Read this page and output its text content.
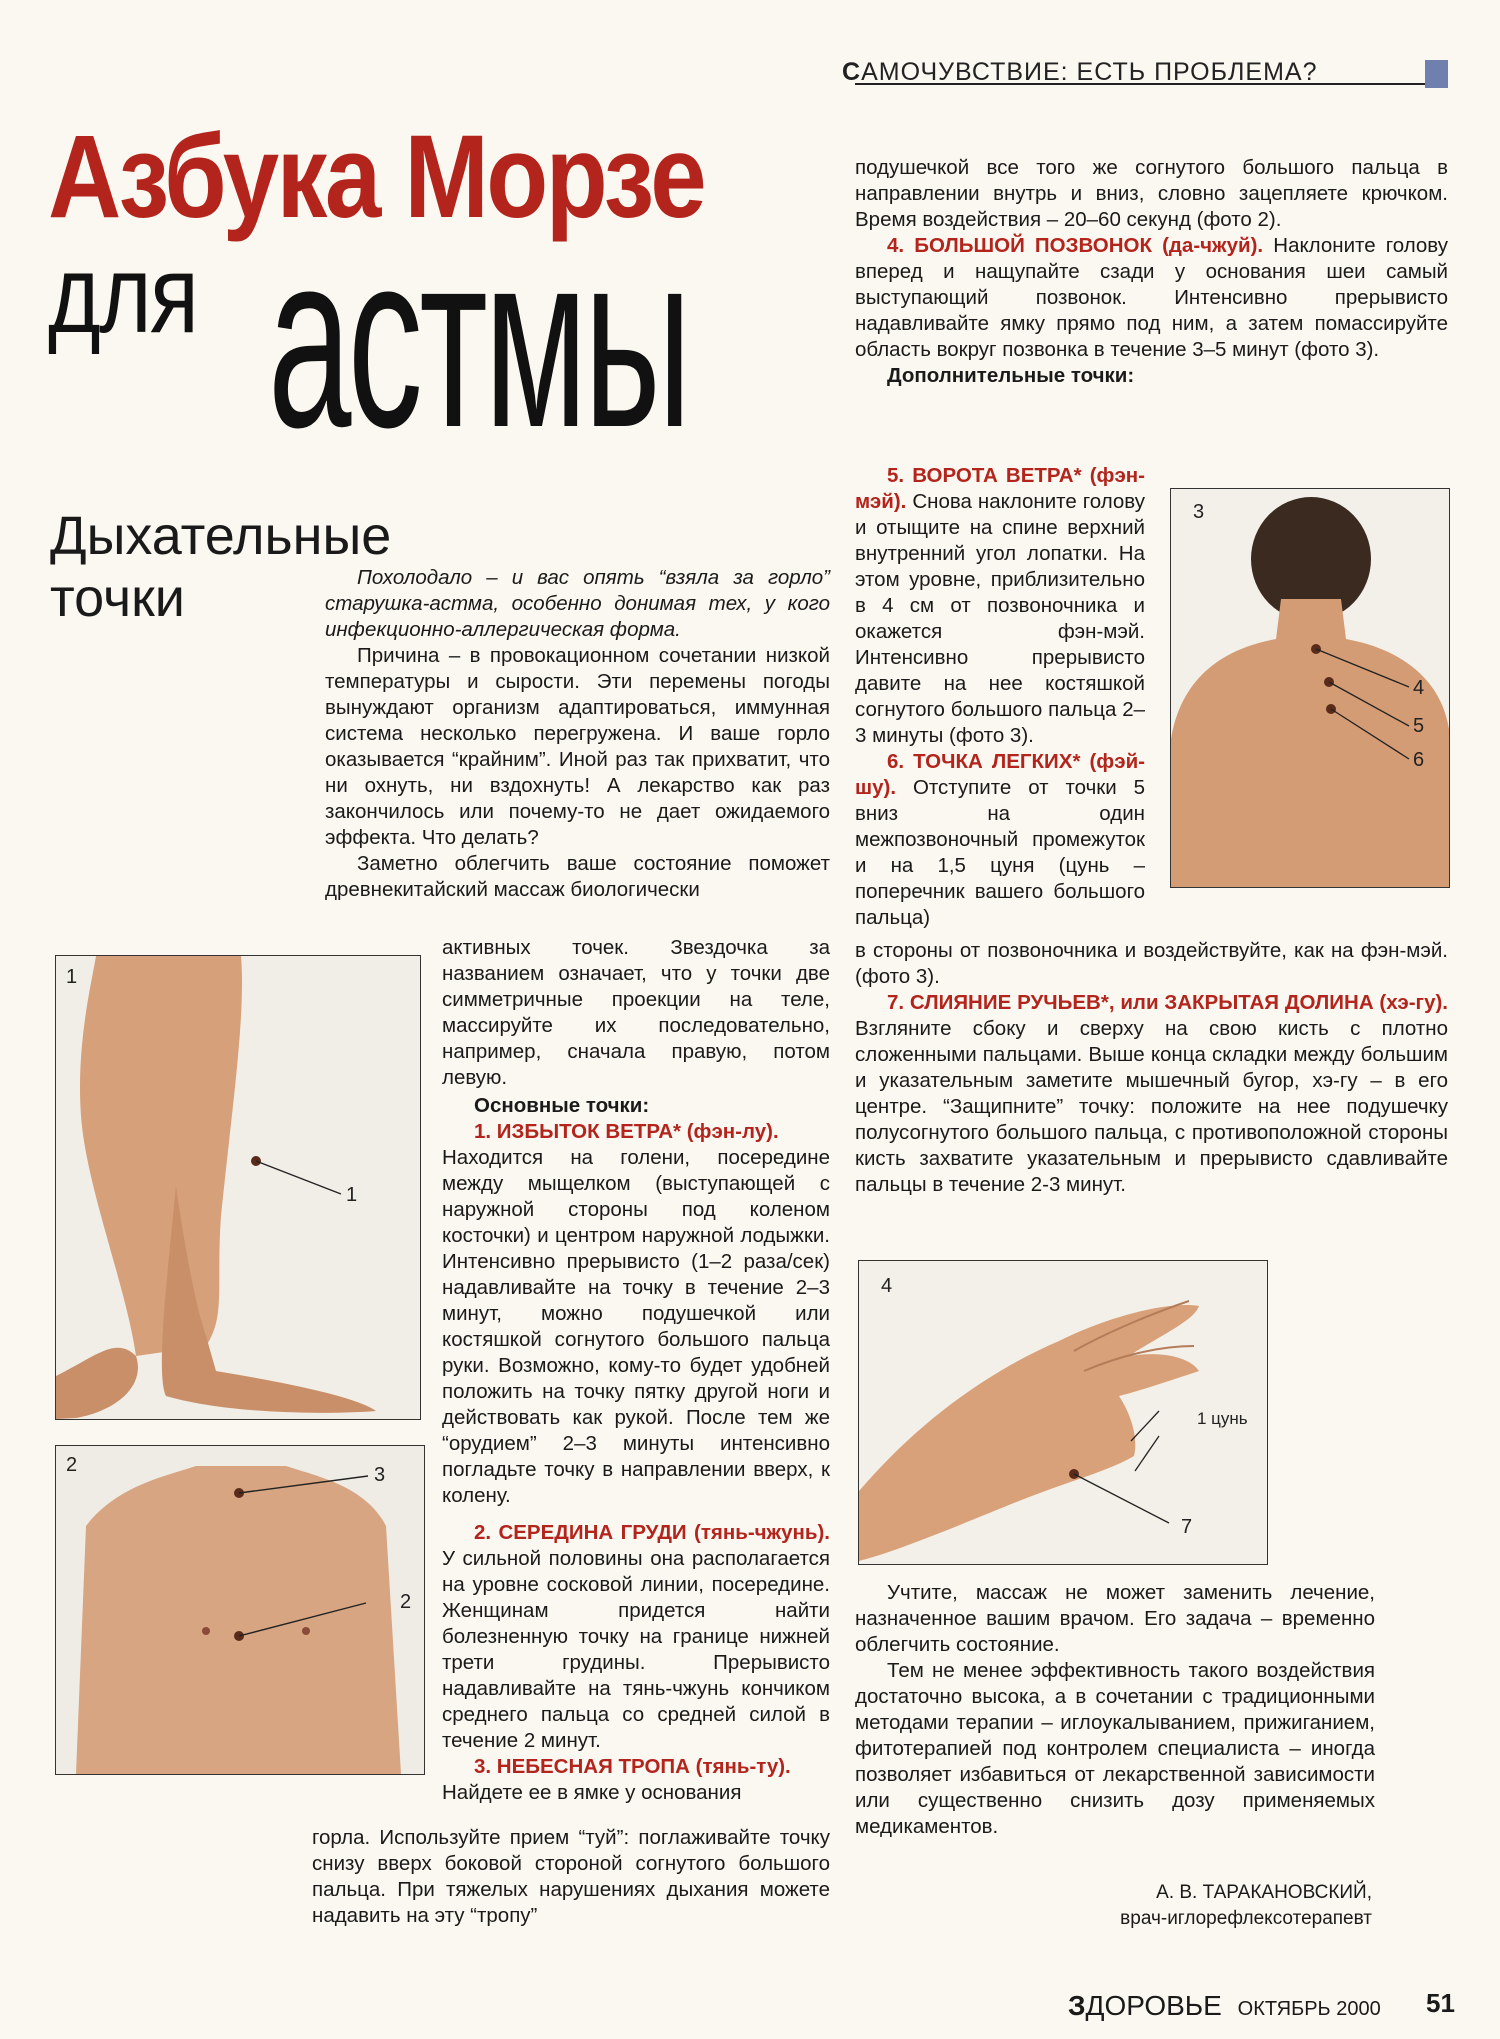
САМОЧУВСТВИЕ: ЕСТЬ ПРОБЛЕМА?
Азбука Морзе
для астмы
Дыхательные
точки	Похолодало – и вас опять “взяла за горло” старушка-астма, особенно донимая тех, у кого инфекционно-аллергическая форма.

Причина – в провокационном сочетании низкой температуры и сырости. Эти перемены погоды вынуждают организм адаптироваться, иммунная система несколько перегружена. И ваше горло оказывается “крайним”. Иной раз так прихватит, что ни охнуть, ни вздохнуть! А лекарство как раз закончилось или почему-то не дает ожидаемого эффекта. Что делать?

Заметно облегчить ваше состояние поможет древнекитайский массаж биологически

1
1
2	3
2
3
4
5
6
4
1 цунь
7

активных точек. Звездочка за названием означает, что у точки две симметричные проекции на теле, массируйте их последовательно, например, сначала правую, потом левую.

Основные точки:

1. ИЗБЫТОК ВЕТРА* (фэн-лу).

Находится на голени, посередине между мыщелком (выступающей с наружной стороны под коленом косточки) и центром наружной лодыжки. Интенсивно прерывисто (1–2 раза/сек) надавливайте на точку в течение 2–3 минут, можно подушечкой или костяшкой согнутого большого пальца руки. Возможно, кому-то будет удобней положить на точку пятку другой ноги и действовать как рукой. После тем же “орудием” 2–3 минуты интенсивно погладьте точку в направлении вверх, к колену.

2. СЕРЕДИНА ГРУДИ (тянь-чжунь). У сильной половины она располагается на уровне сосковой линии, посередине. Женщинам придется найти болезненную точку на границе нижней трети грудины. Прерывисто надавливайте на тянь-чжунь кончиком среднего пальца со средней силой в течение 2 минут.

3. НЕБЕСНАЯ ТРОПА (тянь-ту).

Найдете ее в ямке у основания

горла. Используйте прием “туй”: поглаживайте точку снизу вверх боковой стороной согнутого большого пальца. При тяжелых нарушениях дыхания можете надавить на эту “тропу”

подушечкой все того же согнутого большого пальца в направлении внутрь и вниз, словно зацепляете крючком. Время воздействия – 20–60 секунд (фото 2).

4. БОЛЬШОЙ ПОЗВОНОК (да-чжуй). Наклоните голову вперед и нащупайте сзади у основания шеи самый выступающий позвонок. Интенсивно прерывисто надавливайте ямку прямо под ним, а затем помассируйте область вокруг позвонка в течение 3–5 минут (фото 3).

Дополнительные точки:

5. ВОРОТА ВЕТРА* (фэн-мэй). Снова наклоните голову и отыщите на спине верхний внутренний угол лопатки. На этом уровне, приблизительно в 4 см от позвоночника и окажется фэн-мэй. Интенсивно прерывисто давите на нее костяшкой согнутого большого пальца 2–3 минуты (фото 3).

6. ТОЧКА ЛЕГКИХ* (фэй-шу). Отступите от точки 5 вниз на один межпозвоночный промежуток и на 1,5 цуня (цунь – поперечник вашего большого пальца)

в стороны от позвоночника и воздействуйте, как на фэн-мэй. (фото 3).

7. СЛИЯНИЕ РУЧЬЕВ*, или ЗАКРЫТАЯ ДОЛИНА (хэ-гу). Взгляните сбоку и сверху на свою кисть с плотно сложенными пальцами. Выше конца складки между большим и указательным заметите мышечный бугор, хэ-гу – в его центре. “Защипните” точку: положите на нее подушечку полусогнутого большого пальца, с противоположной стороны кисть захватите указательным и прерывисто сдавливайте пальцы в течение 2-3 минут.

Учтите, массаж не может заменить лечение, назначенное вашим врачом. Его задача – временно облегчить состояние.

Тем не менее эффективность такого воздействия достаточно высока, а в сочетании с традиционными методами терапии – иглоукалыванием, прижиганием, фитотерапией под контролем специалиста – иногда позволяет избавиться от лекарственной зависимости или существенно снизить дозу применяемых медикаментов.

А. В. ТАРАКАНОВСКИЙ,
врач-иглорефлексотерапевт
ЗДОРОВЬЕ ОКТЯБРЬ 2000 51
